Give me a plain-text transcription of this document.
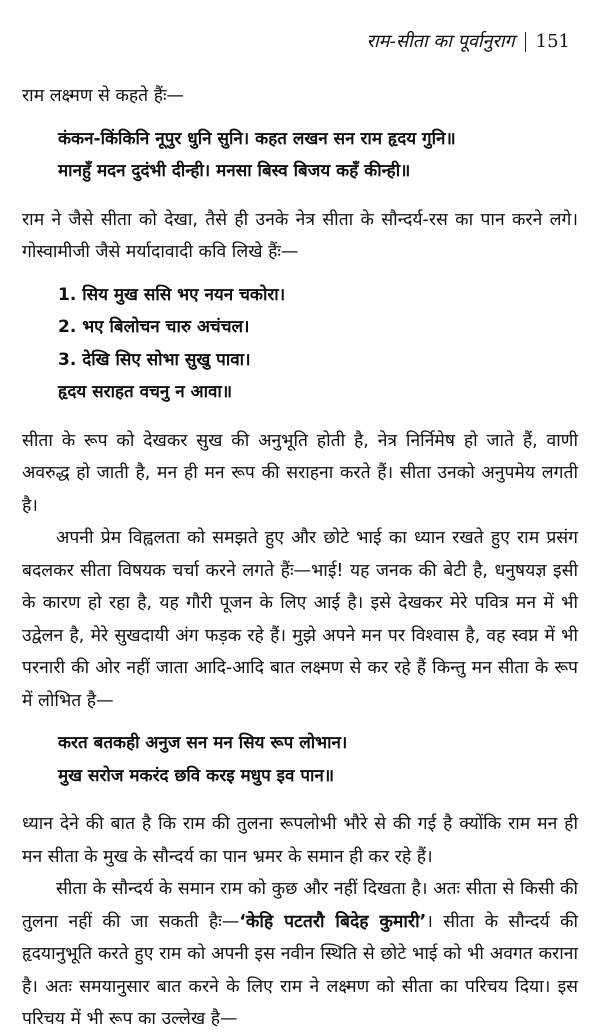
राम-सीता का पूर्वानुराग 151

राम लक्ष्मण से कहते हैंः—

कंकन-किंकिनि नूपुर धुनि सुनि। कहत लखन सन राम हृदय गुनि॥
मानहुँ मदन दुदंभी दीन्ही। मनसा बिस्व बिजय कहँ कीन्ही॥

राम ने जैसे सीता को देखा, तैसे ही उनके नेत्र सीता के सौन्दर्य-रस का पान करने लगे। गोस्वामीजी जैसे मर्यादावादी कवि लिखे हैंः—

1. सिय मुख ससि भए नयन चकोरा।
2. भए बिलोचन चारु अचंचल।
3. देखि सिए सोभा सुखु पावा।
हृदय सराहत वचनु न आवा॥

सीता के रूप को देखकर सुख की अनुभूति होती है, नेत्र निर्निमेष हो जाते हैं, वाणी अवरुद्ध हो जाती है, मन ही मन रूप की सराहना करते हैं। सीता उनको अनुपमेय लगती है।

अपनी प्रेम विह्वलता को समझते हुए और छोटे भाई का ध्यान रखते हुए राम प्रसंग बदलकर सीता विषयक चर्चा करने लगते हैंः—भाई! यह जनक की बेटी है, धनुषयज्ञ इसी के कारण हो रहा है, यह गौरी पूजन के लिए आई है। इसे देखकर मेरे पवित्र मन में भी उद्वेलन है, मेरे सुखदायी अंग फड़क रहे हैं। मुझे अपने मन पर विश्वास है, वह स्वप्न में भी परनारी की ओर नहीं जाता आदि-आदि बात लक्ष्मण से कर रहे हैं किन्तु मन सीता के रूप में लोभित है—

करत बतकही अनुज सन मन सिय रूप लोभान।
मुख सरोज मकरंद छवि करइ मधुप इव पान॥

ध्यान देने की बात है कि राम की तुलना रूपलोभी भौरे से की गई है क्योंकि राम मन ही मन सीता के मुख के सौन्दर्य का पान भ्रमर के समान ही कर रहे हैं।

सीता के सौन्दर्य के समान राम को कुछ और नहीं दिखता है। अतः सीता से किसी की तुलना नहीं की जा सकती हैः—‘केहि पटतरौ बिदेह कुमारी’। सीता के सौन्दर्य की हृदयानुभूति करते हुए राम को अपनी इस नवीन स्थिति से छोटे भाई को भी अवगत कराना है। अतः समयानुसार बात करने के लिए राम ने लक्ष्मण को सीता का परिचय दिया। इस परिचय में भी रूप का उल्लेख है—
